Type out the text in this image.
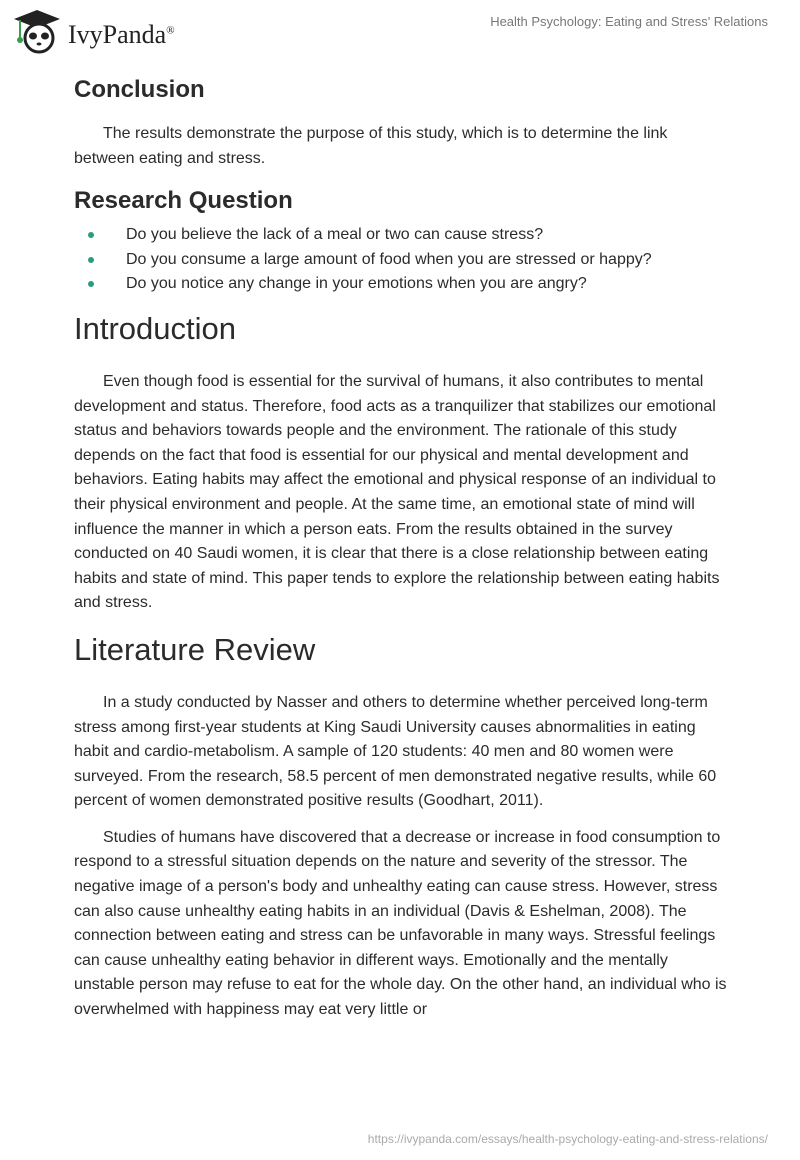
IvyPanda®
Health Psychology: Eating and Stress' Relations
Conclusion

The results demonstrate the purpose of this study, which is to determine the link between eating and stress.

Research Question
Do you believe the lack of a meal or two can cause stress?
Do you consume a large amount of food when you are stressed or happy?
Do you notice any change in your emotions when you are angry?
Introduction

Even though food is essential for the survival of humans, it also contributes to mental development and status. Therefore, food acts as a tranquilizer that stabilizes our emotional status and behaviors towards people and the environment. The rationale of this study depends on the fact that food is essential for our physical and mental development and behaviors. Eating habits may affect the emotional and physical response of an individual to their physical environment and people. At the same time, an emotional state of mind will influence the manner in which a person eats. From the results obtained in the survey conducted on 40 Saudi women, it is clear that there is a close relationship between eating habits and state of mind. This paper tends to explore the relationship between eating habits and stress.

Literature Review

In a study conducted by Nasser and others to determine whether perceived long-term stress among first-year students at King Saudi University causes abnormalities in eating habit and cardio-metabolism. A sample of 120 students: 40 men and 80 women were surveyed. From the research, 58.5 percent of men demonstrated negative results, while 60 percent of women demonstrated positive results (Goodhart, 2011).

Studies of humans have discovered that a decrease or increase in food consumption to respond to a stressful situation depends on the nature and severity of the stressor. The negative image of a person's body and unhealthy eating can cause stress. However, stress can also cause unhealthy eating habits in an individual (Davis & Eshelman, 2008). The connection between eating and stress can be unfavorable in many ways. Stressful feelings can cause unhealthy eating behavior in different ways. Emotionally and the mentally unstable person may refuse to eat for the whole day. On the other hand, an individual who is overwhelmed with happiness may eat very little or

https://ivypanda.com/essays/health-psychology-eating-and-stress-relations/
